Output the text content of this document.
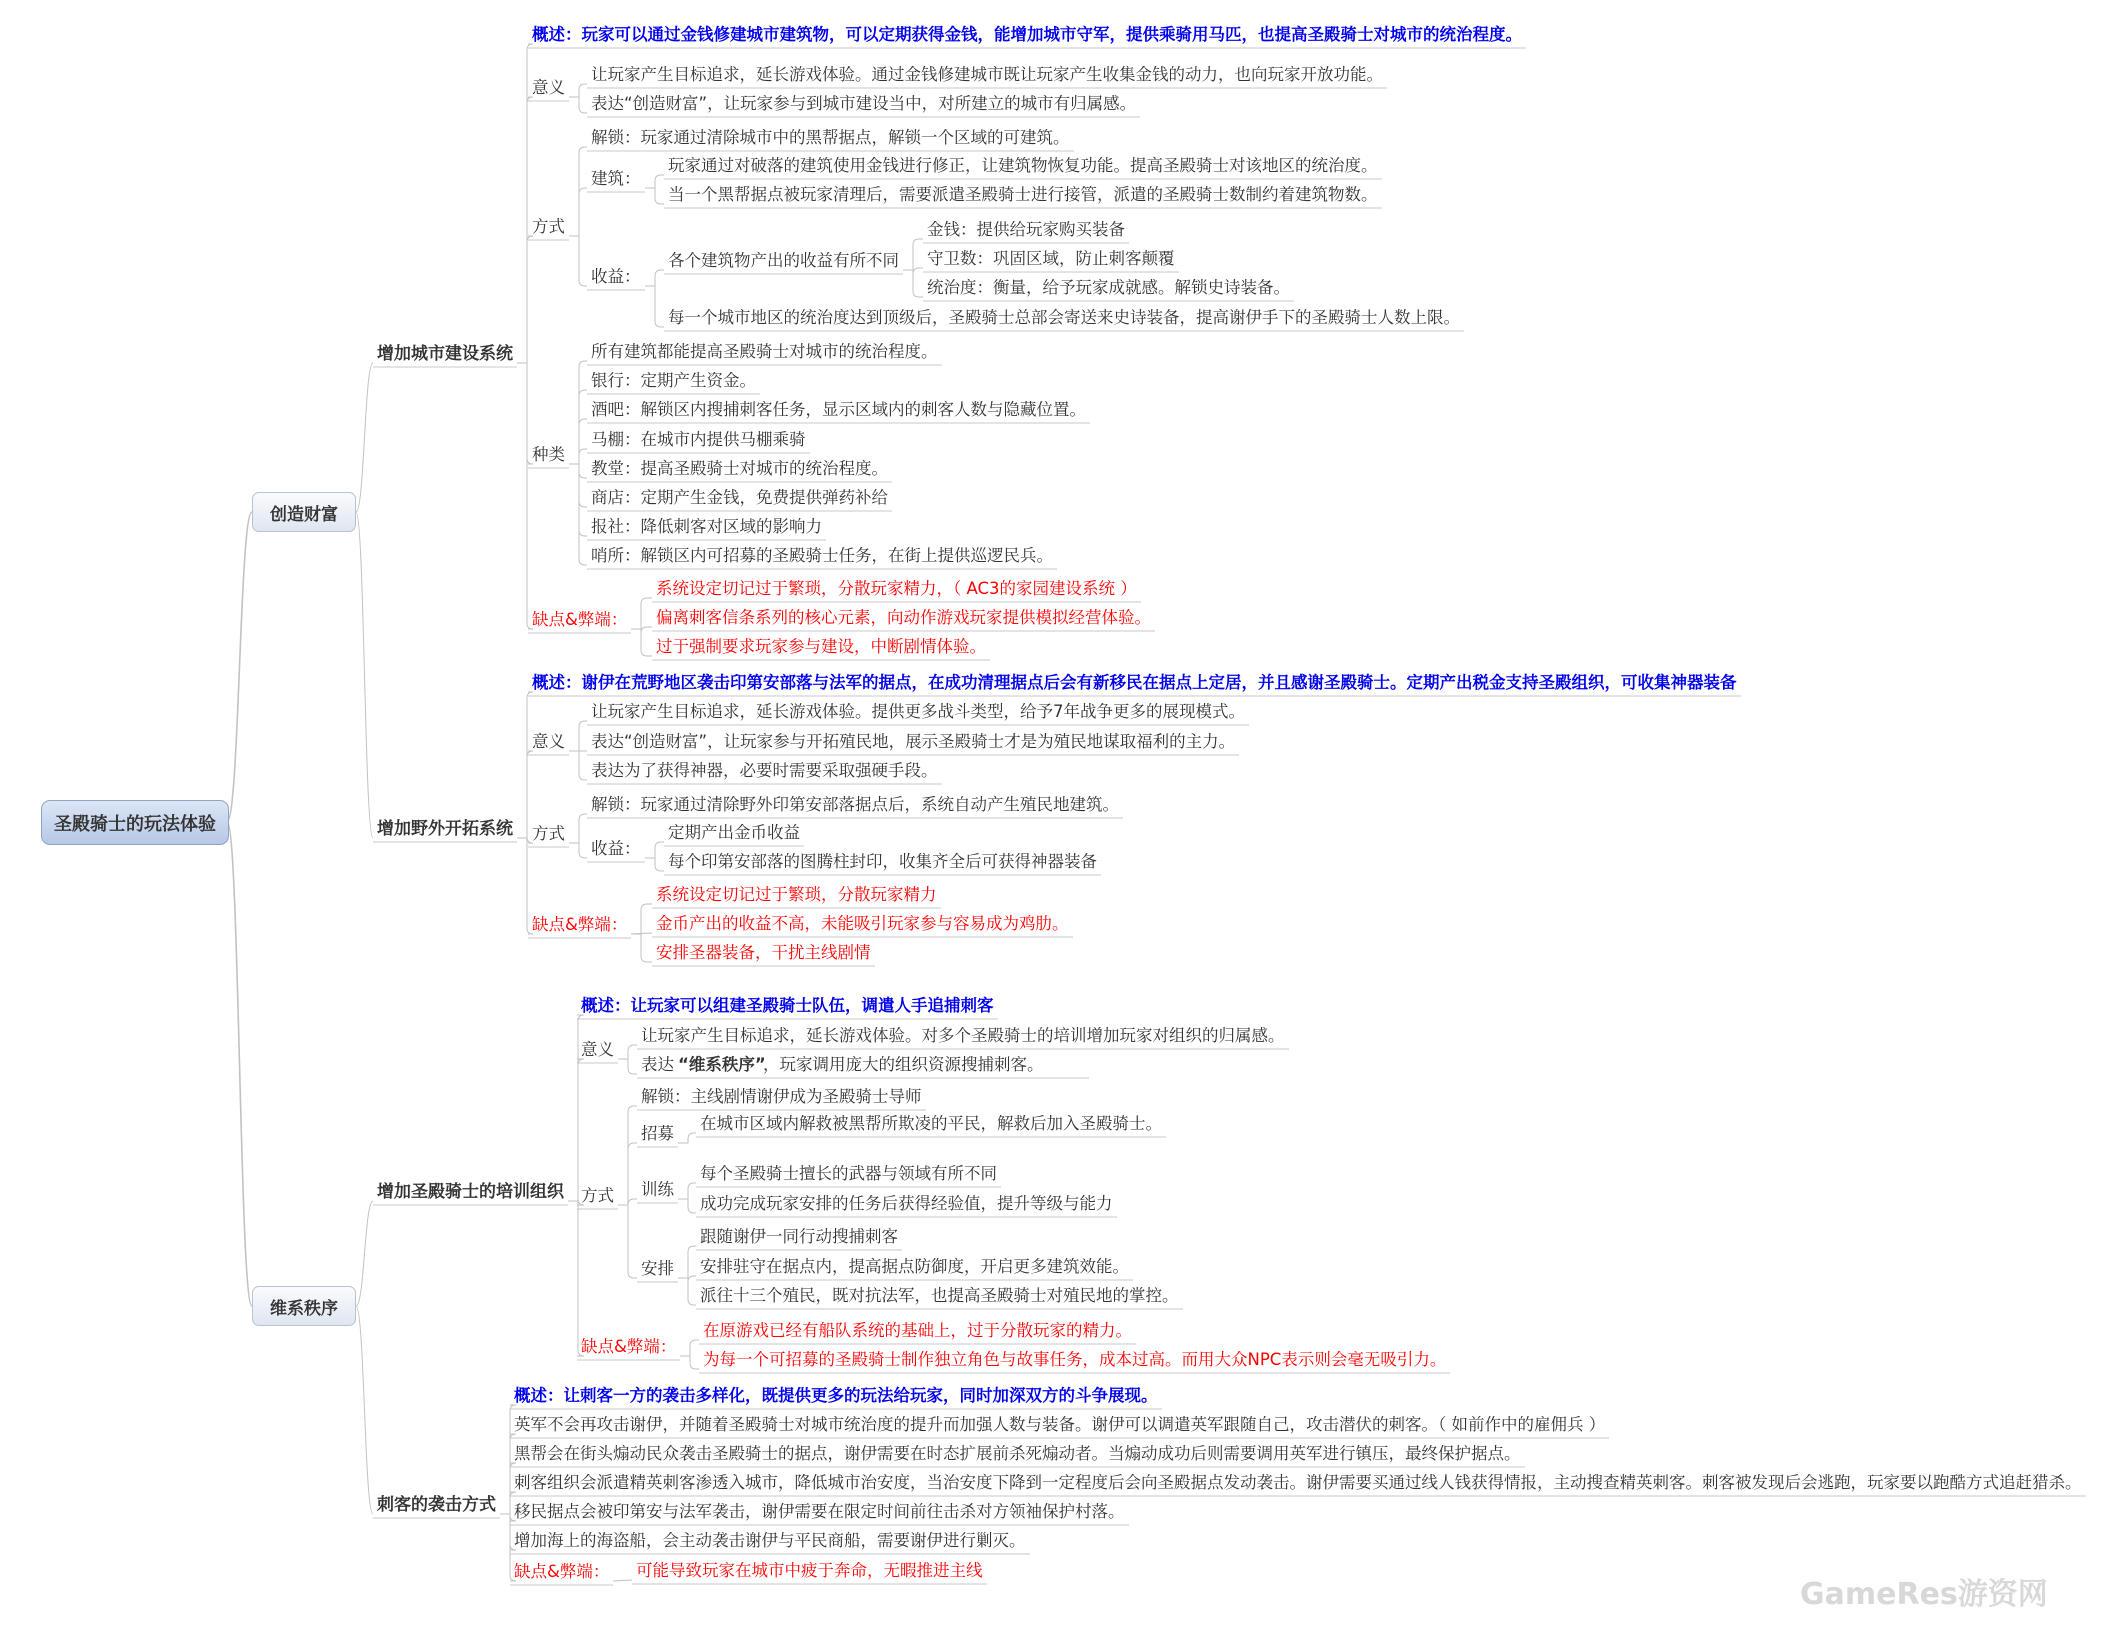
圣殿骑士的玩法体验
GameRes游资网
创造财富
维系秩序
增加城市建设系统
增加野外开拓系统
增加圣殿骑士的培训组织
刺客的袭击方式
概述：玩家可以通过金钱修建城市建筑物，可以定期获得金钱，能增加城市守军，提供乘骑用马匹，也提高圣殿骑士对城市的统治程度。
意义
让玩家产生目标追求，延长游戏体验。通过金钱修建城市既让玩家产生收集金钱的动力，也向玩家开放功能。
表达“创造财富”，让玩家参与到城市建设当中，对所建立的城市有归属感。
方式
解锁：玩家通过清除城市中的黑帮据点，解锁一个区域的可建筑。
建筑：
玩家通过对破落的建筑使用金钱进行修正，让建筑物恢复功能。提高圣殿骑士对该地区的统治度。
当一个黑帮据点被玩家清理后，需要派遣圣殿骑士进行接管，派遣的圣殿骑士数制约着建筑物数。
收益：
各个建筑物产出的收益有所不同
金钱：提供给玩家购买装备
守卫数：巩固区域，防止刺客颠覆
统治度：衡量，给予玩家成就感。解锁史诗装备。
每一个城市地区的统治度达到顶级后，圣殿骑士总部会寄送来史诗装备，提高谢伊手下的圣殿骑士人数上限。
种类
所有建筑都能提高圣殿骑士对城市的统治程度。
银行：定期产生资金。
酒吧：解锁区内搜捕刺客任务，显示区域内的刺客人数与隐藏位置。
马棚：在城市内提供马棚乘骑
教堂：提高圣殿骑士对城市的统治程度。
商店：定期产生金钱，免费提供弹药补给
报社：降低刺客对区域的影响力
哨所：解锁区内可招募的圣殿骑士任务，在街上提供巡逻民兵。
缺点&弊端：
系统设定切记过于繁琐，分散玩家精力，（ AC3的家园建设系统 ）
偏离刺客信条系列的核心元素，向动作游戏玩家提供模拟经营体验。
过于强制要求玩家参与建设，中断剧情体验。
概述：谢伊在荒野地区袭击印第安部落与法军的据点，在成功清理据点后会有新移民在据点上定居，并且感谢圣殿骑士。定期产出税金支持圣殿组织，可收集神器装备
意义
让玩家产生目标追求，延长游戏体验。提供更多战斗类型，给予7年战争更多的展现模式。
表达“创造财富”，让玩家参与开拓殖民地，展示圣殿骑士才是为殖民地谋取福利的主力。
表达为了获得神器，必要时需要采取强硬手段。
方式
解锁：玩家通过清除野外印第安部落据点后，系统自动产生殖民地建筑。
收益：
定期产出金币收益
每个印第安部落的图腾柱封印，收集齐全后可获得神器装备
缺点&弊端：
系统设定切记过于繁琐，分散玩家精力
金币产出的收益不高，未能吸引玩家参与容易成为鸡肋。
安排圣器装备，干扰主线剧情
概述：让玩家可以组建圣殿骑士队伍，调遣人手追捕刺客
意义
让玩家产生目标追求，延长游戏体验。对多个圣殿骑士的培训增加玩家对组织的归属感。
表达 “维系秩序”
，玩家调用庞大的组织资源搜捕刺客。
方式
解锁：主线剧情谢伊成为圣殿骑士导师
招募
在城市区域内解救被黑帮所欺凌的平民，解救后加入圣殿骑士。
训练
每个圣殿骑士擅长的武器与领域有所不同
成功完成玩家安排的任务后获得经验值，提升等级与能力
安排
跟随谢伊一同行动搜捕刺客
安排驻守在据点内，提高据点防御度，开启更多建筑效能。
派往十三个殖民，既对抗法军，也提高圣殿骑士对殖民地的掌控。
缺点&弊端：
在原游戏已经有船队系统的基础上，过于分散玩家的精力。
为每一个可招募的圣殿骑士制作独立角色与故事任务，成本过高。而用大众NPC表示则会毫无吸引力。
概述：让刺客一方的袭击多样化，既提供更多的玩法给玩家，同时加深双方的斗争展现。
英军不会再攻击谢伊，并随着圣殿骑士对城市统治度的提升而加强人数与装备。谢伊可以调遣英军跟随自己，攻击潜伏的刺客。（ 如前作中的雇佣兵 ）
黑帮会在街头煽动民众袭击圣殿骑士的据点，谢伊需要在时态扩展前杀死煽动者。当煽动成功后则需要调用英军进行镇压，最终保护据点。
刺客组织会派遣精英刺客渗透入城市，降低城市治安度，当治安度下降到一定程度后会向圣殿据点发动袭击。谢伊需要买通过线人钱获得情报，主动搜查精英刺客。刺客被发现后会逃跑，玩家要以跑酷方式追赶猎杀。
移民据点会被印第安与法军袭击，谢伊需要在限定时间前往击杀对方领袖保护村落。
增加海上的海盗船，会主动袭击谢伊与平民商船，需要谢伊进行剿灭。
缺点&弊端： 可能导致玩家在城市中疲于奔命，无暇推进主线
